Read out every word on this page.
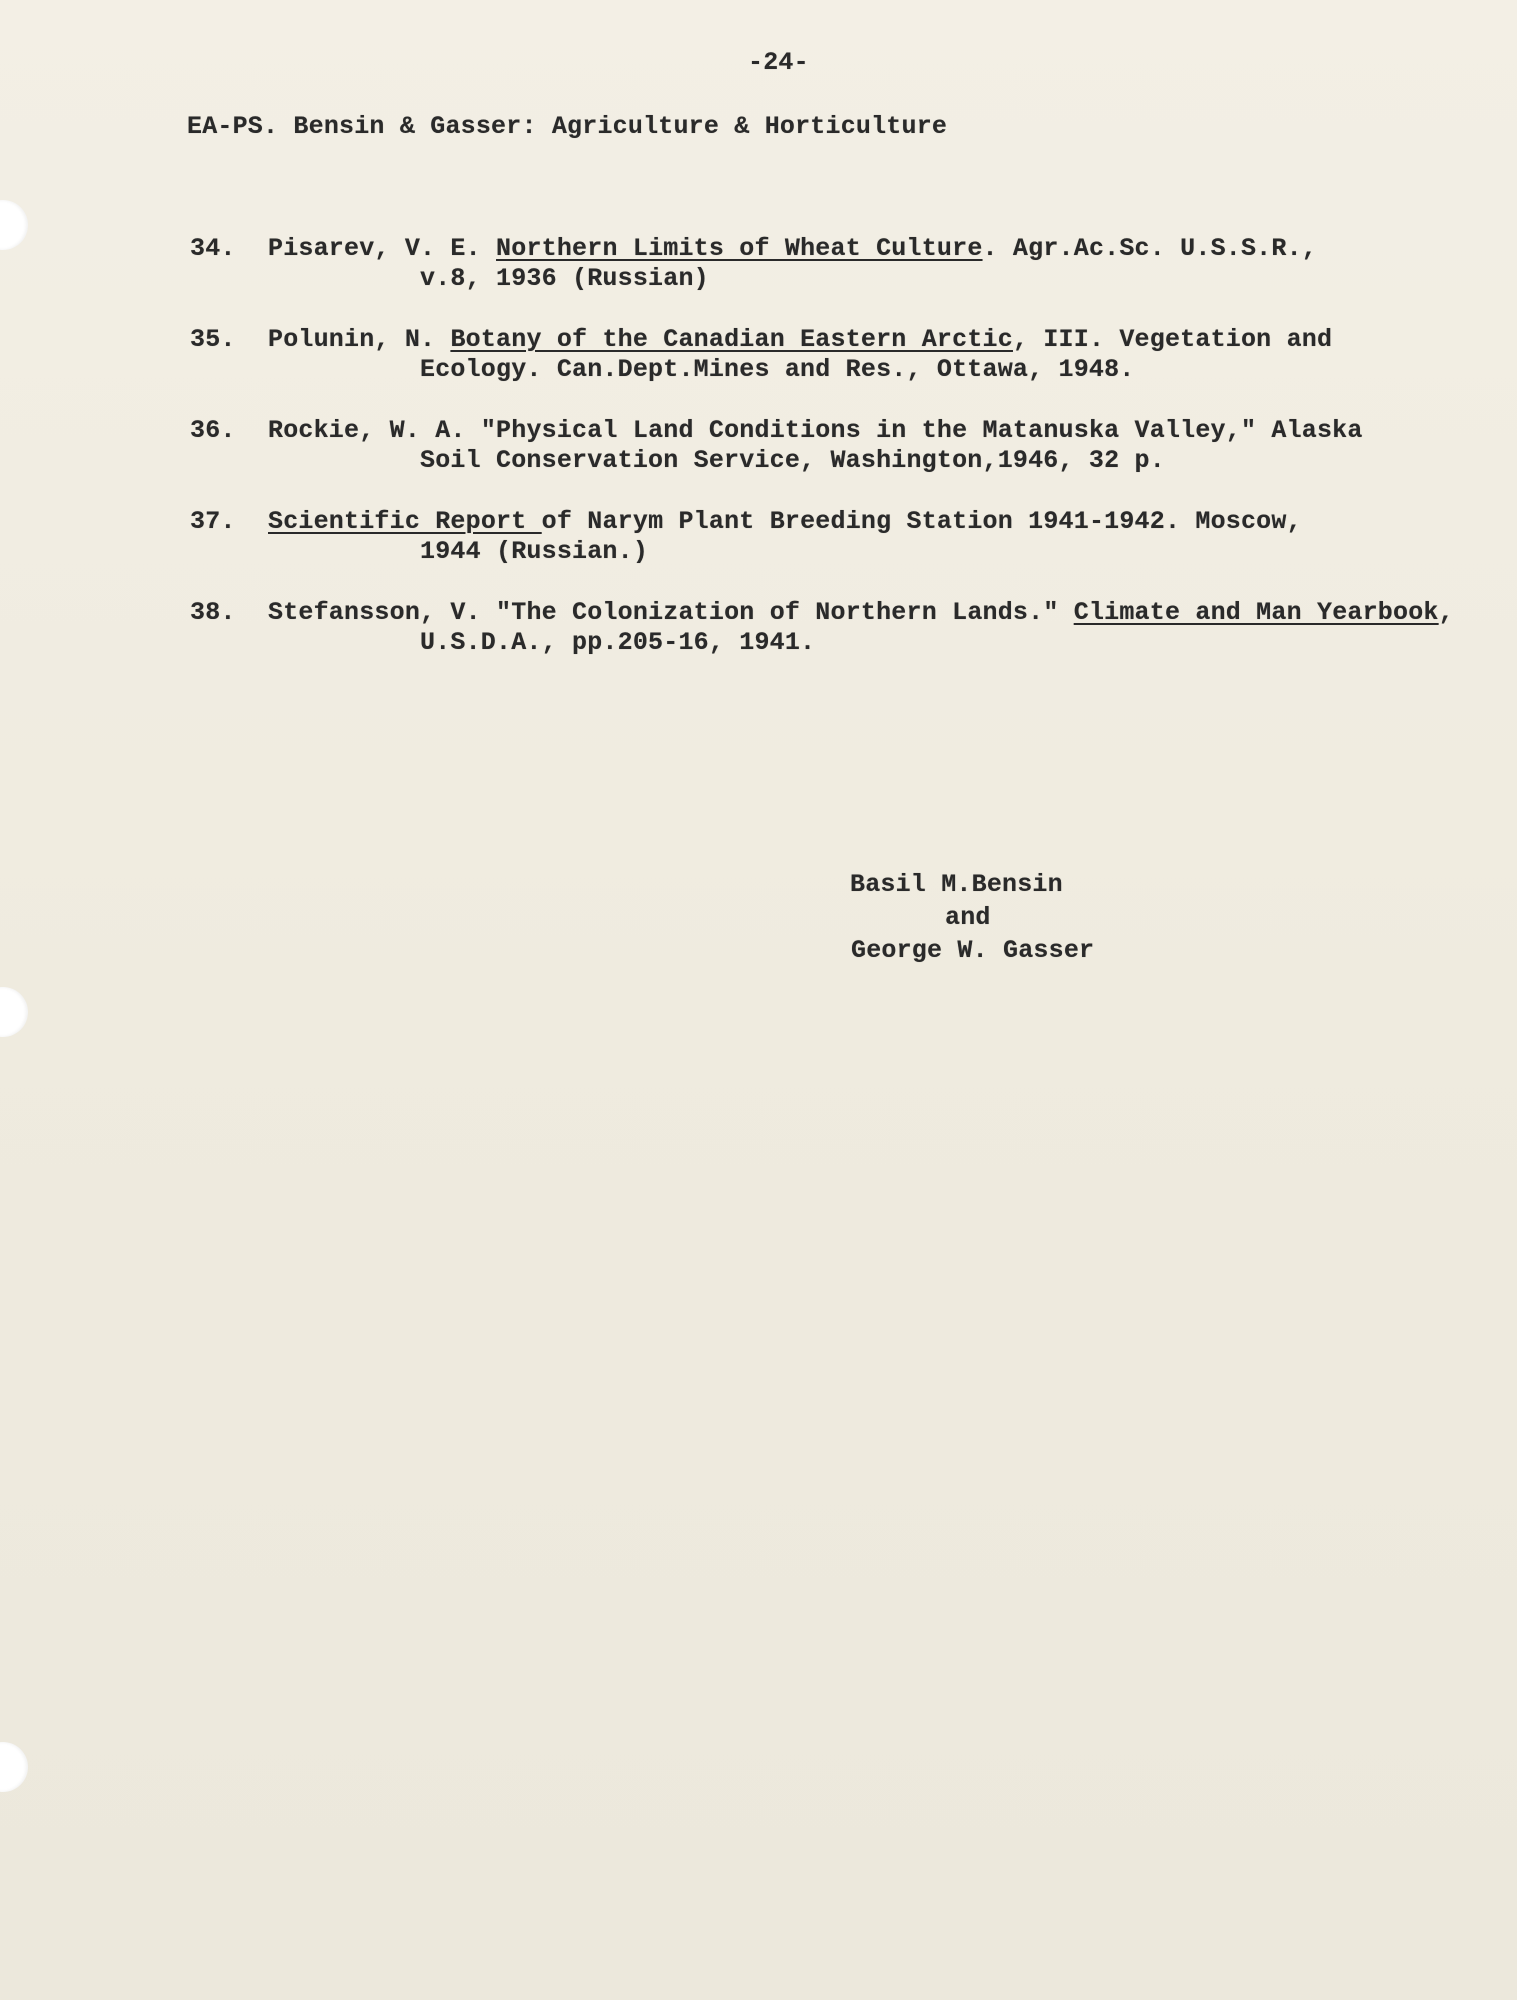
-24-
EA-PS. Bensin & Gasser: Agriculture & Horticulture
34. Pisarev, V. E. Northern Limits of Wheat Culture. Agr.Ac.Sc. U.S.S.R.,
v.8, 1936 (Russian)
35. Polunin, N. Botany of the Canadian Eastern Arctic, III. Vegetation and
Ecology. Can.Dept.Mines and Res., Ottawa, 1948.
36. Rockie, W. A. "Physical Land Conditions in the Matanuska Valley," Alaska
Soil Conservation Service, Washington,1946, 32 p.
37. Scientific Report of Narym Plant Breeding Station 1941-1942. Moscow,
1944 (Russian.)
38. Stefansson, V. "The Colonization of Northern Lands." Climate and Man Yearbook,
U.S.D.A., pp.205-16, 1941.
Basil M.Bensin
and
George W. Gasser
